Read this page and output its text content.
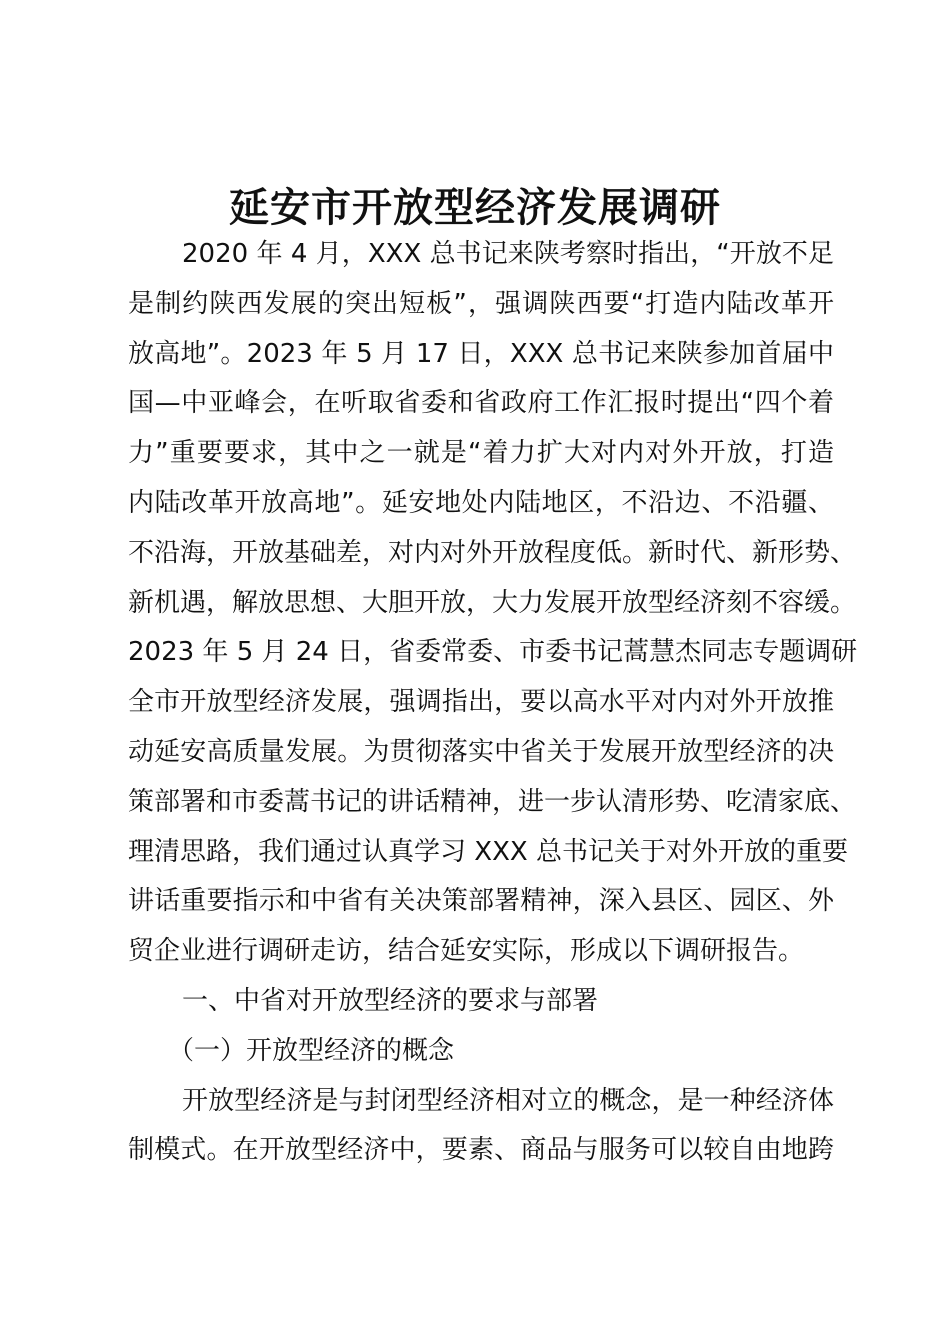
延安市开放型经济发展调研
2020 年 4 月，XXX 总书记来陕考察时指出，“开放不足
是制约陕西发展的突出短板”，强调陕西要“打造内陆改革开
放高地”。2023 年 5 月 17 日，XXX 总书记来陕参加首届中
国—中亚峰会，在听取省委和省政府工作汇报时提出“四个着
力”重要要求，其中之一就是“着力扩大对内对外开放，打造
内陆改革开放高地”。延安地处内陆地区，不沿边、不沿疆、
不沿海，开放基础差，对内对外开放程度低。新时代、新形势、
新机遇，解放思想、大胆开放，大力发展开放型经济刻不容缓。
2023 年 5 月 24 日，省委常委、市委书记蒿慧杰同志专题调研
全市开放型经济发展，强调指出，要以高水平对内对外开放推
动延安高质量发展。为贯彻落实中省关于发展开放型经济的决
策部署和市委蒿书记的讲话精神，进一步认清形势、吃清家底、
理清思路，我们通过认真学习 XXX 总书记关于对外开放的重要
讲话重要指示和中省有关决策部署精神，深入县区、园区、外
贸企业进行调研走访，结合延安实际，形成以下调研报告。
一、中省对开放型经济的要求与部署
（一）开放型经济的概念
开放型经济是与封闭型经济相对立的概念，是一种经济体
制模式。在开放型经济中，要素、商品与服务可以较自由地跨
